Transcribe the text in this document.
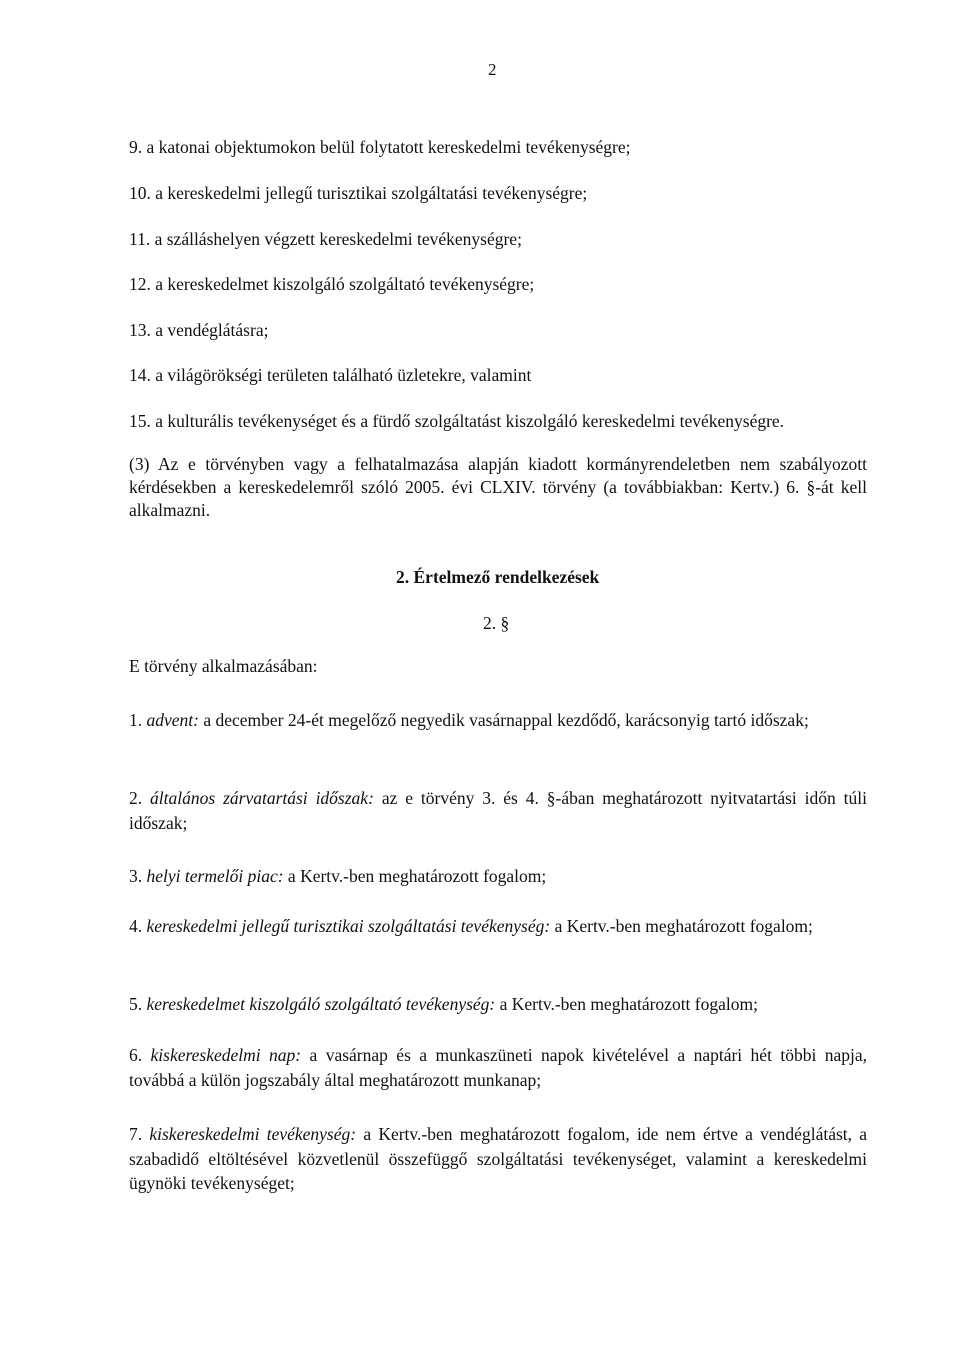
2
9. a katonai objektumokon belül folytatott kereskedelmi tevékenységre;
10. a kereskedelmi jellegű turisztikai szolgáltatási tevékenységre;
11. a szálláshelyen végzett kereskedelmi tevékenységre;
12. a kereskedelmet kiszolgáló szolgáltató tevékenységre;
13. a vendéglátásra;
14. a világörökségi területen található üzletekre, valamint
15. a kulturális tevékenységet és a fürdő szolgáltatást kiszolgáló kereskedelmi tevékenységre.
(3) Az e törvényben vagy a felhatalmazása alapján kiadott kormányrendeletben nem szabályozott kérdésekben a kereskedelemről szóló 2005. évi CLXIV. törvény (a továbbiakban: Kertv.) 6. §-át kell alkalmazni.
2. Értelmező rendelkezések
2. §
E törvény alkalmazásában:
1. advent: a december 24-ét megelőző negyedik vasárnappal kezdődő, karácsonyig tartó időszak;
2. általános zárvatartási időszak: az e törvény 3. és 4. §-ában meghatározott nyitvatartási időn túli időszak;
3. helyi termelői piac: a Kertv.-ben meghatározott fogalom;
4. kereskedelmi jellegű turisztikai szolgáltatási tevékenység: a Kertv.-ben meghatározott fogalom;
5. kereskedelmet kiszolgáló szolgáltató tevékenység: a Kertv.-ben meghatározott fogalom;
6. kiskereskedelmi nap: a vasárnap és a munkaszüneti napok kivételével a naptári hét többi napja, továbbá a külön jogszabály által meghatározott munkanap;
7. kiskereskedelmi tevékenység: a Kertv.-ben meghatározott fogalom, ide nem értve a vendéglátást, a szabadidő eltöltésével közvetlenül összefüggő szolgáltatási tevékenységet, valamint a kereskedelmi ügynöki tevékenységet;
